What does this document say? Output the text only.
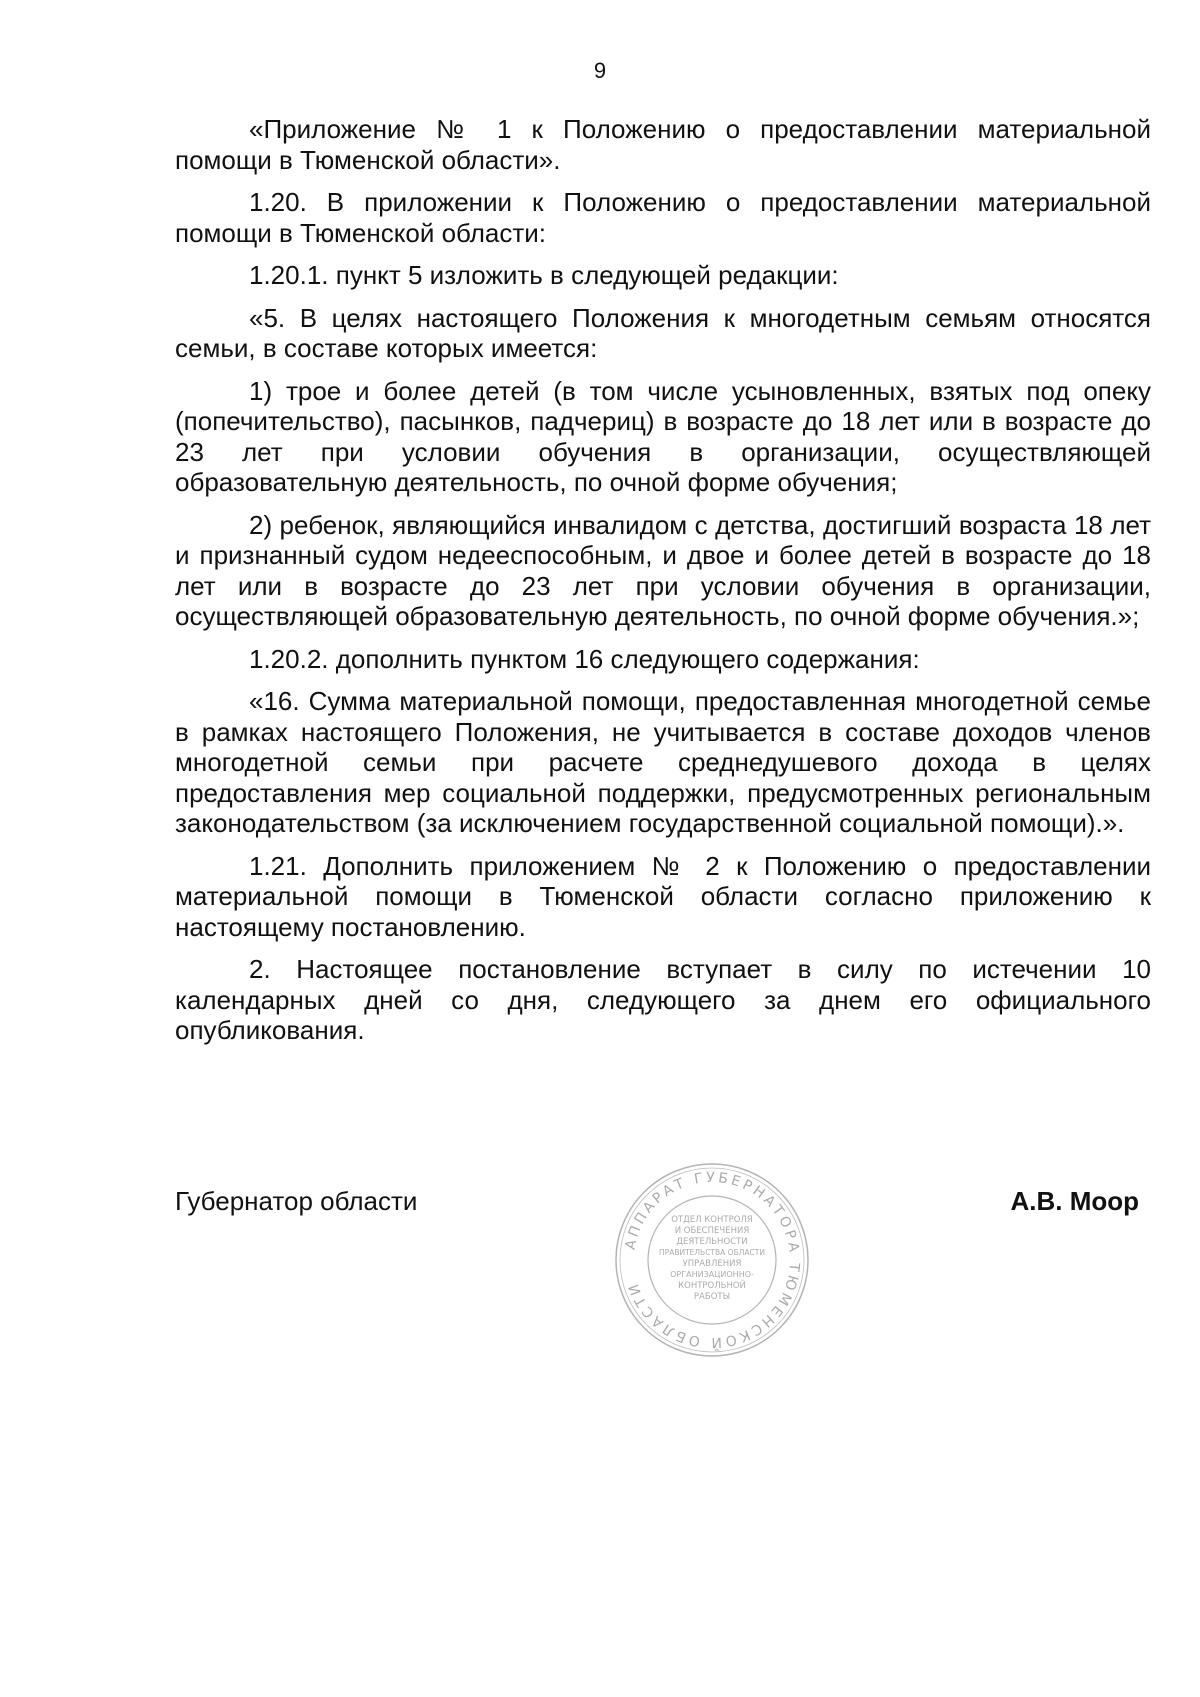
9

«Приложение № 1 к Положению о предоставлении материальной помощи в Тюменской области».

1.20. В приложении к Положению о предоставлении материальной помощи в Тюменской области:

1.20.1. пункт 5 изложить в следующей редакции:

«5. В целях настоящего Положения к многодетным семьям относятся семьи, в составе которых имеется:

1) трое и более детей (в том числе усыновленных, взятых под опеку (попечительство), пасынков, падчериц) в возрасте до 18 лет или в возрасте до 23 лет при условии обучения в организации, осуществляющей образовательную деятельность, по очной форме обучения;

2) ребенок, являющийся инвалидом с детства, достигший возраста 18 лет и признанный судом недееспособным, и двое и более детей в возрасте до 18 лет или в возрасте до 23 лет при условии обучения в организации, осуществляющей образовательную деятельность, по очной форме обучения.»;

1.20.2. дополнить пунктом 16 следующего содержания:

«16. Сумма материальной помощи, предоставленная многодетной семье в рамках настоящего Положения, не учитывается в составе доходов членов многодетной семьи при расчете среднедушевого дохода в целях предоставления мер социальной поддержки, предусмотренных региональным законодательством (за исключением государственной социальной помощи).».

1.21. Дополнить приложением № 2 к Положению о предоставлении материальной помощи в Тюменской области согласно приложению к настоящему постановлению.

2. Настоящее постановление вступает в силу по истечении 10 календарных дней со дня, следующего за днем его официального опубликования.

Губернатор области	А.В. Моор
АППАРАТ ГУБЕРНАТОРА ТЮМЕНСКОЙ ОБЛАСТИ
ОТДЕЛ КОНТРОЛЯ
И ОБЕСПЕЧЕНИЯ
ДЕЯТЕЛЬНОСТИ
ПРАВИТЕЛЬСТВА ОБЛАСТИ
УПРАВЛЕНИЯ
ОРГАНИЗАЦИОННО-
КОНТРОЛЬНОЙ
РАБОТЫ
